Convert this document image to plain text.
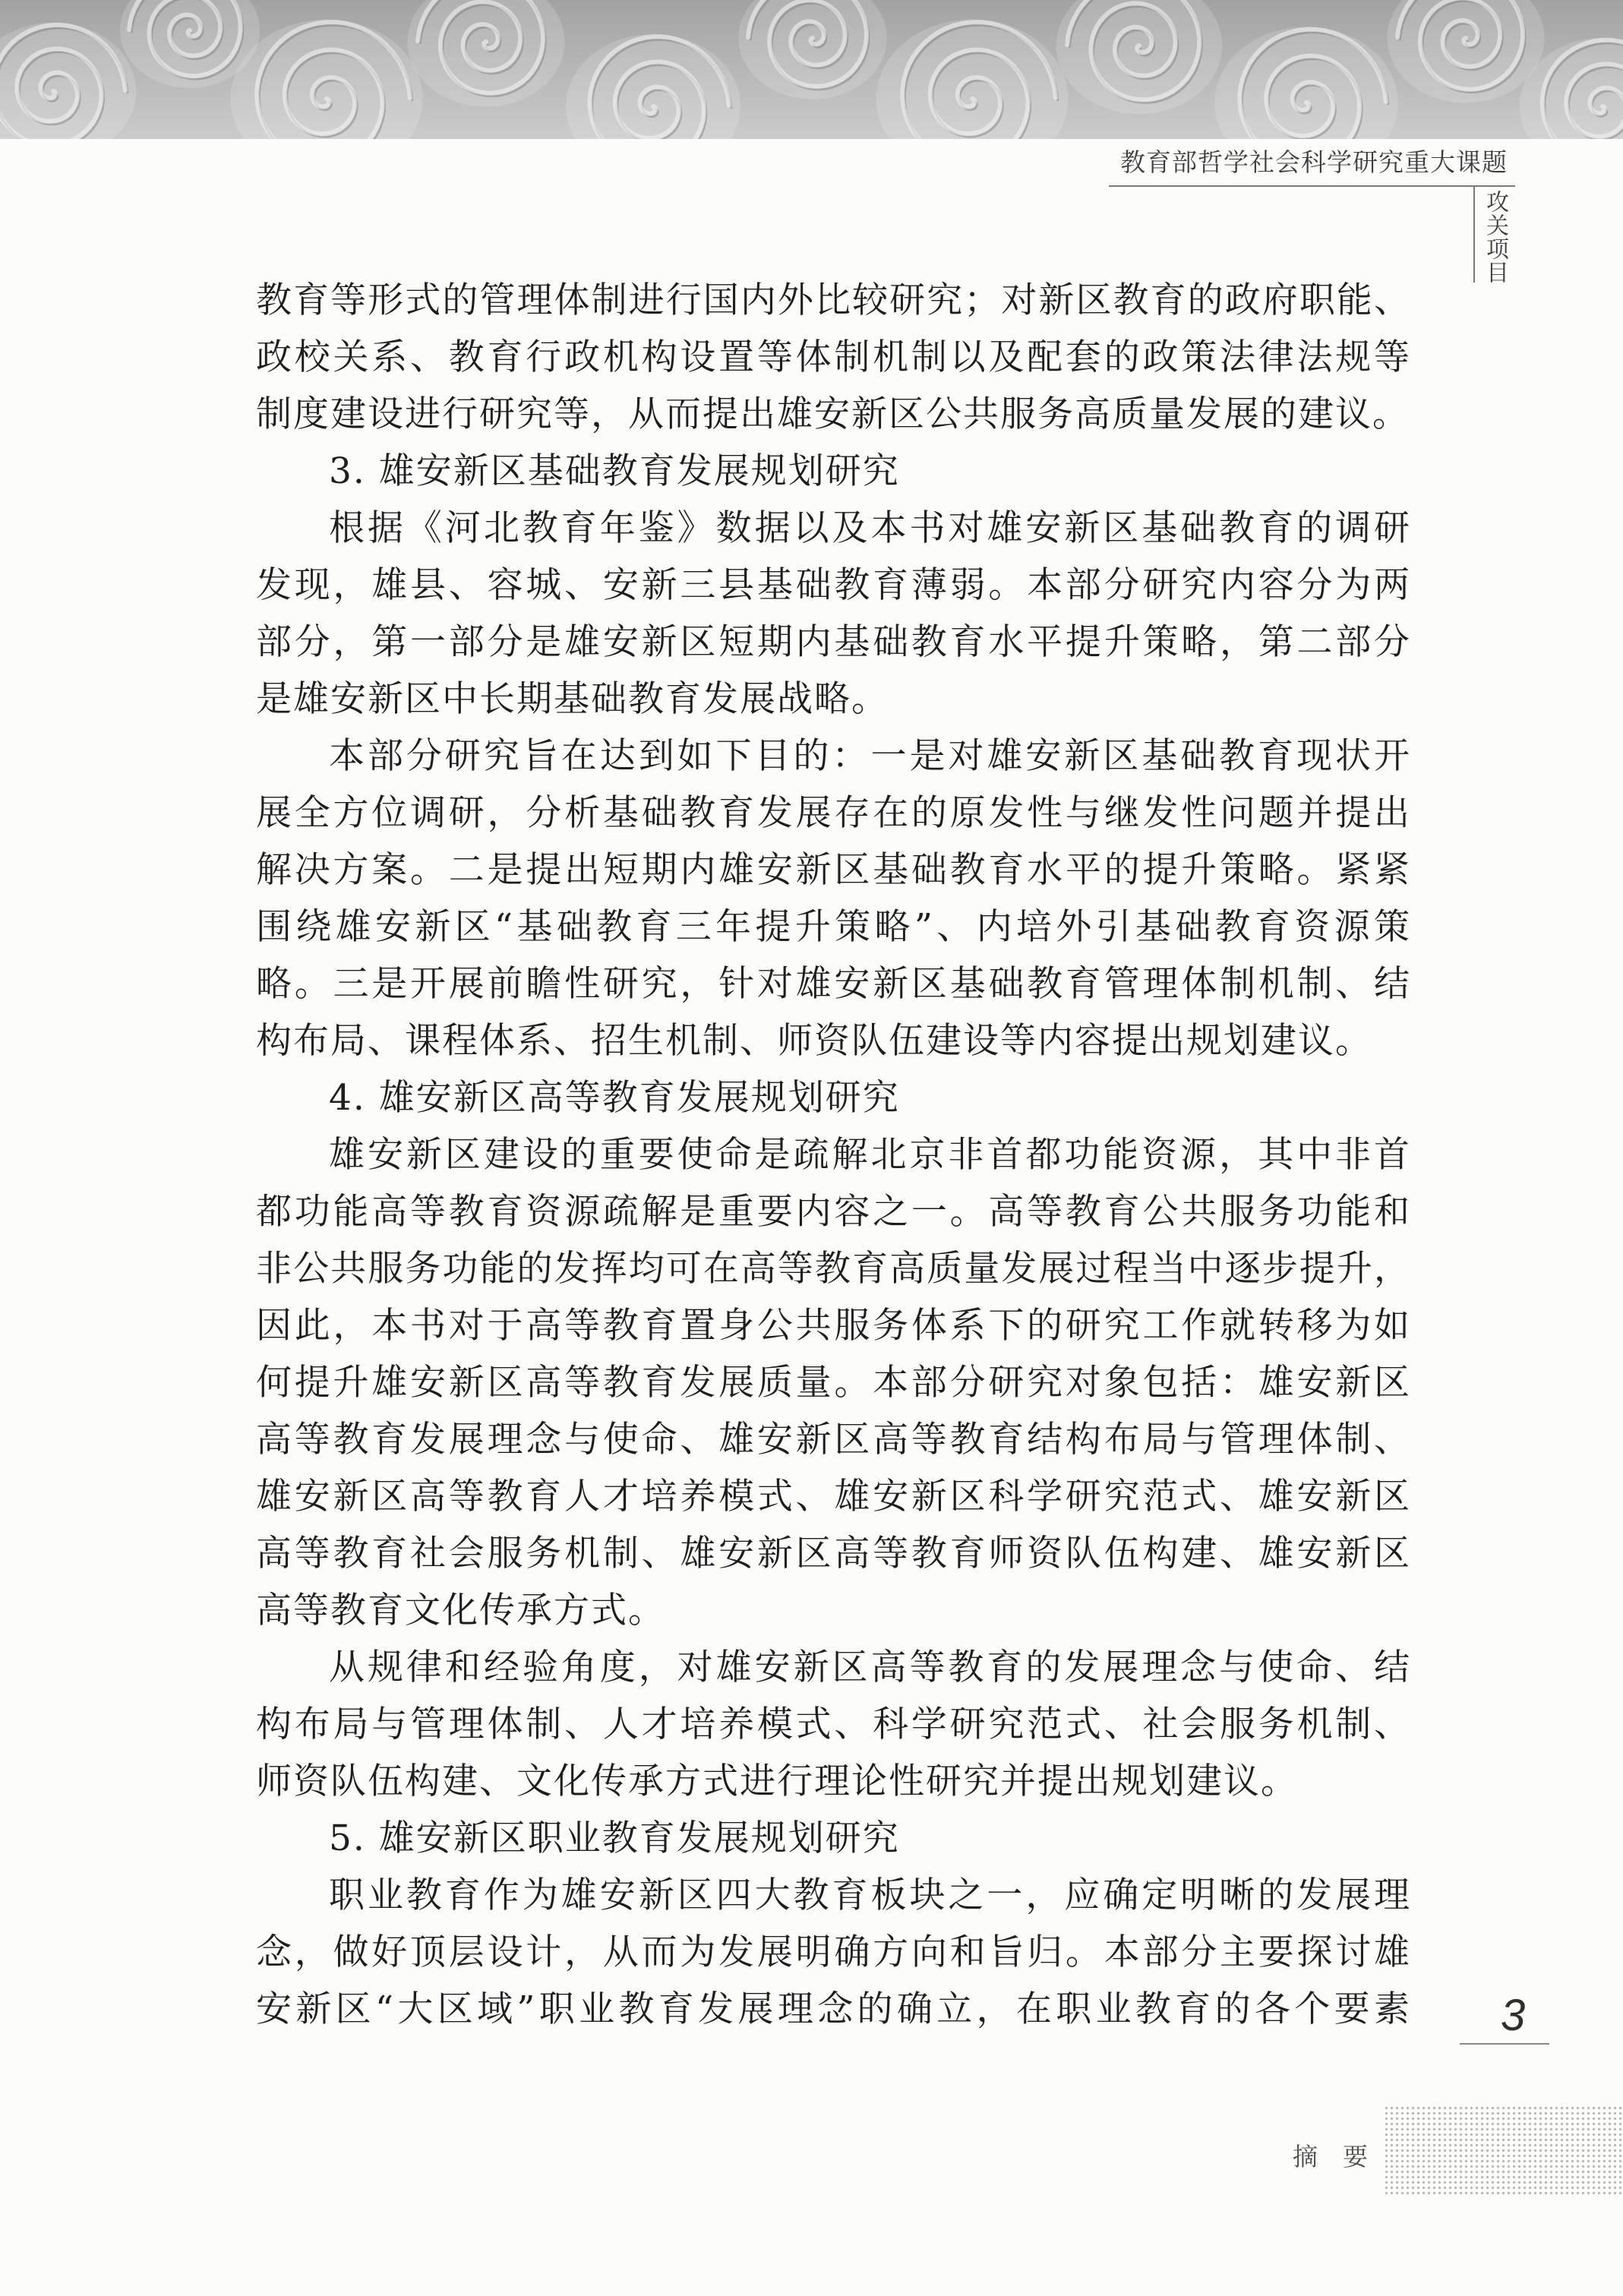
教育部哲学社会科学研究重大课题
攻关项目
教育等形式的管理体制进行国内外比较研究；对新区教育的政府职能、
政校关系、教育行政机构设置等体制机制以及配套的政策法律法规等
制度建设进行研究等，从而提出雄安新区公共服务高质量发展的建议。
3. 雄安新区基础教育发展规划研究
根据《河北教育年鉴》数据以及本书对雄安新区基础教育的调研
发现，雄县、容城、安新三县基础教育薄弱。本部分研究内容分为两
部分，第一部分是雄安新区短期内基础教育水平提升策略，第二部分
是雄安新区中长期基础教育发展战略。
本部分研究旨在达到如下目的：一是对雄安新区基础教育现状开
展全方位调研，分析基础教育发展存在的原发性与继发性问题并提出
解决方案。二是提出短期内雄安新区基础教育水平的提升策略。紧紧
围绕雄安新区“基础教育三年提升策略”、内培外引基础教育资源策
略。三是开展前瞻性研究，针对雄安新区基础教育管理体制机制、结
构布局、课程体系、招生机制、师资队伍建设等内容提出规划建议。
4. 雄安新区高等教育发展规划研究
雄安新区建设的重要使命是疏解北京非首都功能资源，其中非首
都功能高等教育资源疏解是重要内容之一。高等教育公共服务功能和
非公共服务功能的发挥均可在高等教育高质量发展过程当中逐步提升，
因此，本书对于高等教育置身公共服务体系下的研究工作就转移为如
何提升雄安新区高等教育发展质量。本部分研究对象包括：雄安新区
高等教育发展理念与使命、雄安新区高等教育结构布局与管理体制、
雄安新区高等教育人才培养模式、雄安新区科学研究范式、雄安新区
高等教育社会服务机制、雄安新区高等教育师资队伍构建、雄安新区
高等教育文化传承方式。
从规律和经验角度，对雄安新区高等教育的发展理念与使命、结
构布局与管理体制、人才培养模式、科学研究范式、社会服务机制、
师资队伍构建、文化传承方式进行理论性研究并提出规划建议。
5. 雄安新区职业教育发展规划研究
职业教育作为雄安新区四大教育板块之一，应确定明晰的发展理
念，做好顶层设计，从而为发展明确方向和旨归。本部分主要探讨雄
安新区“大区域”职业教育发展理念的确立，在职业教育的各个要素 3
摘　要
